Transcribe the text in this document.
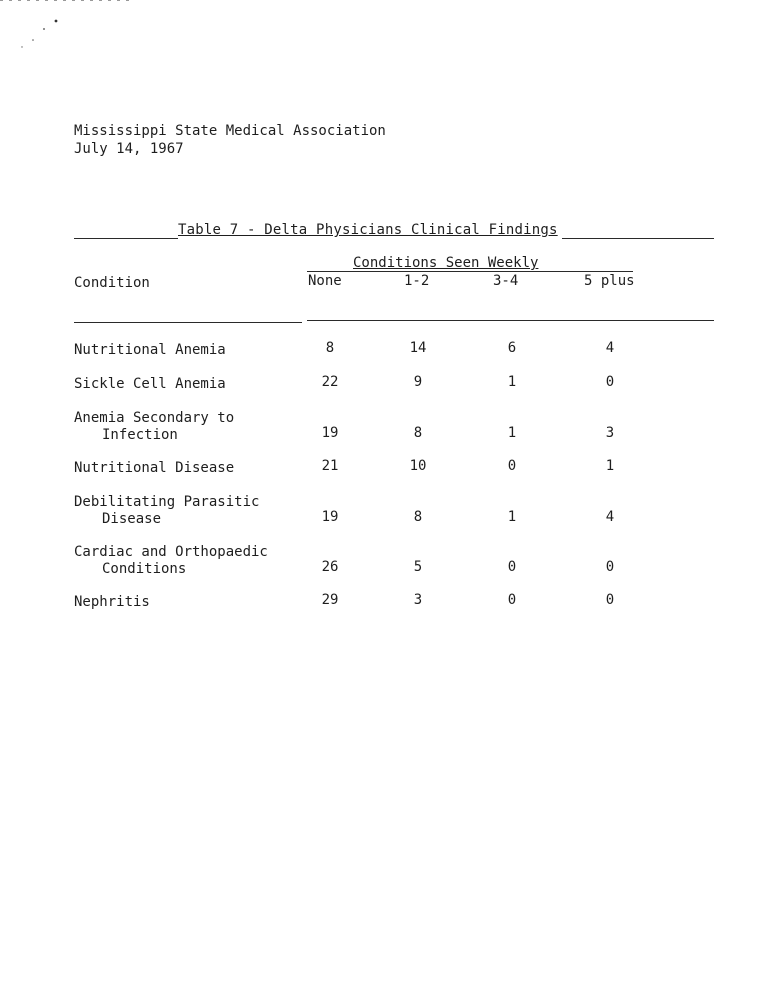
Mississippi State Medical Association
July 14, 1967
Table 7 - Delta Physicians Clinical Findings
Conditions Seen Weekly
Condition	None	1-2	3-4	5 plus
Nutritional Anemia	8	14	6	4
Sickle Cell Anemia	22	9	1	0
Anemia Secondary to
Infection	19	8	1	3
Nutritional Disease	21	10	0	1
Debilitating Parasitic
Disease	19	8	1	4
Cardiac and Orthopaedic
Conditions	26	5	0	0
Nephritis	29	3	0	0
